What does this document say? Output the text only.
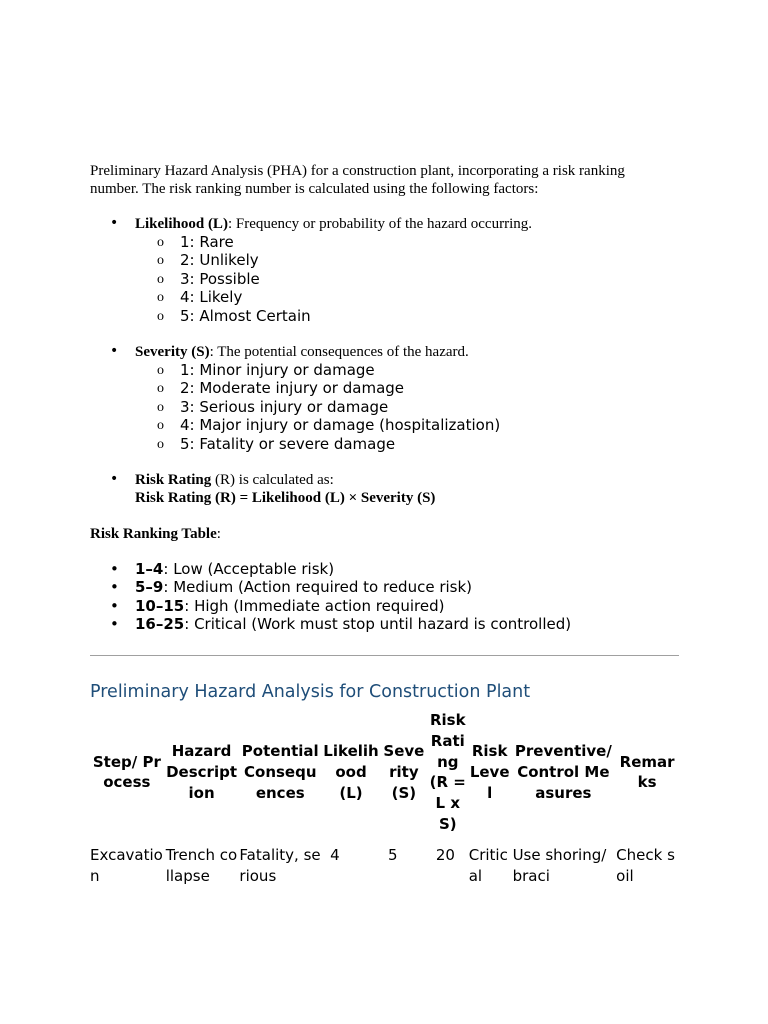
Preliminary Hazard Analysis (PHA) for a construction plant, incorporating a risk ranking number. The risk ranking number is calculated using the following factors:

• Likelihood (L): Frequency or probability of the hazard occurring.
o 1: Rare
o 2: Unlikely
o 3: Possible
o 4: Likely
o 5: Almost Certain
• Severity (S): The potential consequences of the hazard.
o 1: Minor injury or damage
o 2: Moderate injury or damage
o 3: Serious injury or damage
o 4: Major injury or damage (hospitalization)
o 5: Fatality or severe damage
• Risk Rating (R) is calculated as:
Risk Rating (R) = Likelihood (L) × Severity (S)

Risk Ranking Table:

• 1–4: Low (Acceptable risk)
• 5–9: Medium (Action required to reduce risk)
• 10–15: High (Immediate action required)
• 16–25: Critical (Work must stop until hazard is controlled)
Preliminary Hazard Analysis for Construction Plant
Step/ Process	Hazard Description	Potential Consequences	Likelihood (L)	Severity (S)	Risk Rating (R = L x S)	Risk Level	Preventive/ Control Measures	Remarks
Excavation	Trench collapse	Fatality, serious	4	5	20	Critical	Use shoring/braci	Check soil
